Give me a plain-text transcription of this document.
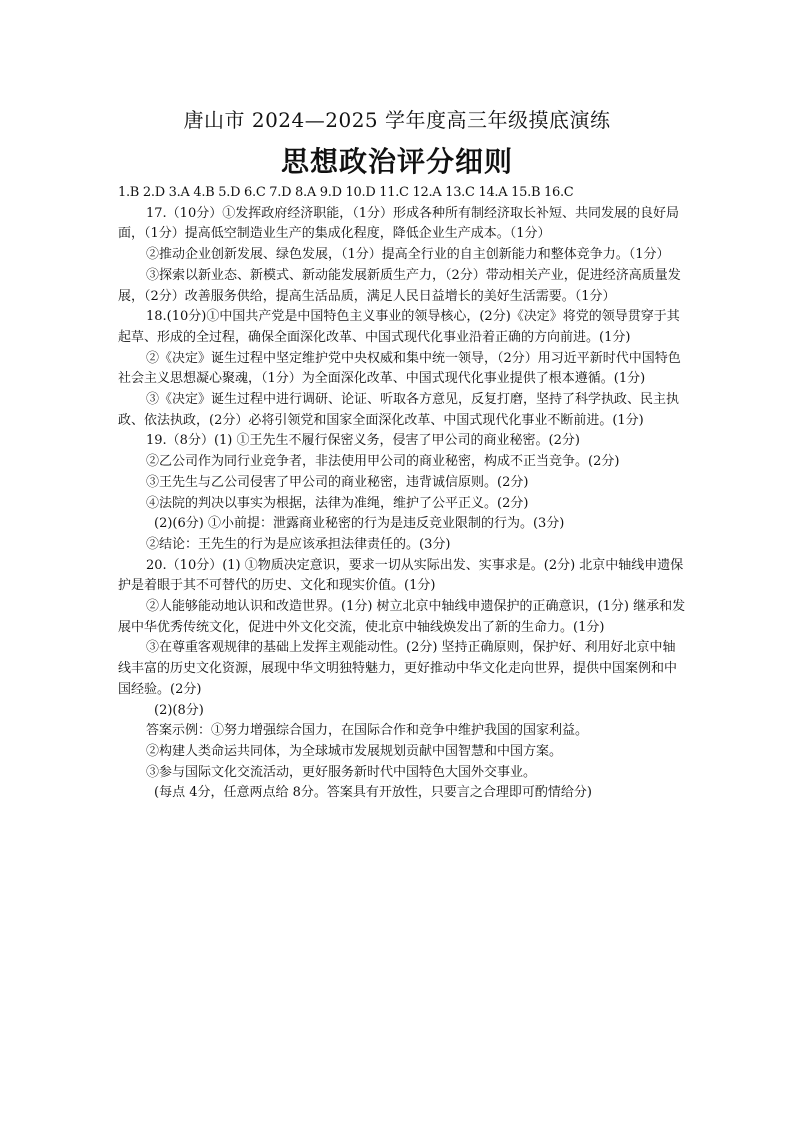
唐山市 2024—2025 学年度高三年级摸底演练
思想政治评分细则

1.B 2.D 3.A 4.B 5.D 6.C 7.D 8.A 9.D 10.D 11.C 12.A 13.C 14.A 15.B 16.C

17.（10分）①发挥政府经济职能，（1分）形成各种所有制经济取长补短、共同发展的良好局面，（1分）提高低空制造业生产的集成化程度，降低企业生产成本。（1分）

②推动企业创新发展、绿色发展，（1分）提高全行业的自主创新能力和整体竞争力。（1分）

③探索以新业态、新模式、新动能发展新质生产力，（2分）带动相关产业，促进经济高质量发展，（2分）改善服务供给，提高生活品质，满足人民日益增长的美好生活需要。（1分）

18.(10分)①中国共产党是中国特色主义事业的领导核心，(2分)《决定》将党的领导贯穿于其起草、形成的全过程，确保全面深化改革、中国式现代化事业沿着正确的方向前进。(1分)

②《决定》诞生过程中坚定维护党中央权威和集中统一领导，（2分）用习近平新时代中国特色社会主义思想凝心聚魂，（1分）为全面深化改革、中国式现代化事业提供了根本遵循。(1分)

③《决定》诞生过程中进行调研、论证、听取各方意见，反复打磨，坚持了科学执政、民主执政、依法执政，(2分）必将引领党和国家全面深化改革、中国式现代化事业不断前进。(1分)

19.（8分）(1) ①王先生不履行保密义务，侵害了甲公司的商业秘密。(2分)

②乙公司作为同行业竞争者，非法使用甲公司的商业秘密，构成不正当竞争。(2分)

③王先生与乙公司侵害了甲公司的商业秘密，违背诚信原则。(2分)

④法院的判决以事实为根据，法律为准绳，维护了公平正义。(2分)

(2)(6分) ①小前提：泄露商业秘密的行为是违反竞业限制的行为。(3分)

②结论：王先生的行为是应该承担法律责任的。(3分)

20.（10分）(1) ①物质决定意识，要求一切从实际出发、实事求是。(2分) 北京中轴线申遗保护是着眼于其不可替代的历史、文化和现实价值。(1分)

②人能够能动地认识和改造世界。(1分) 树立北京中轴线申遗保护的正确意识，(1分) 继承和发展中华优秀传统文化，促进中外文化交流，使北京中轴线焕发出了新的生命力。(1分)

③在尊重客观规律的基础上发挥主观能动性。(2分) 坚持正确原则，保护好、利用好北京中轴线丰富的历史文化资源，展现中华文明独特魅力，更好推动中华文化走向世界，提供中国案例和中国经验。(2分)

(2)(8分)

答案示例：①努力增强综合国力，在国际合作和竞争中维护我国的国家利益。

②构建人类命运共同体，为全球城市发展规划贡献中国智慧和中国方案。

③参与国际文化交流活动，更好服务新时代中国特色大国外交事业。

(每点 4分，任意两点给 8分。答案具有开放性，只要言之合理即可酌情给分)
